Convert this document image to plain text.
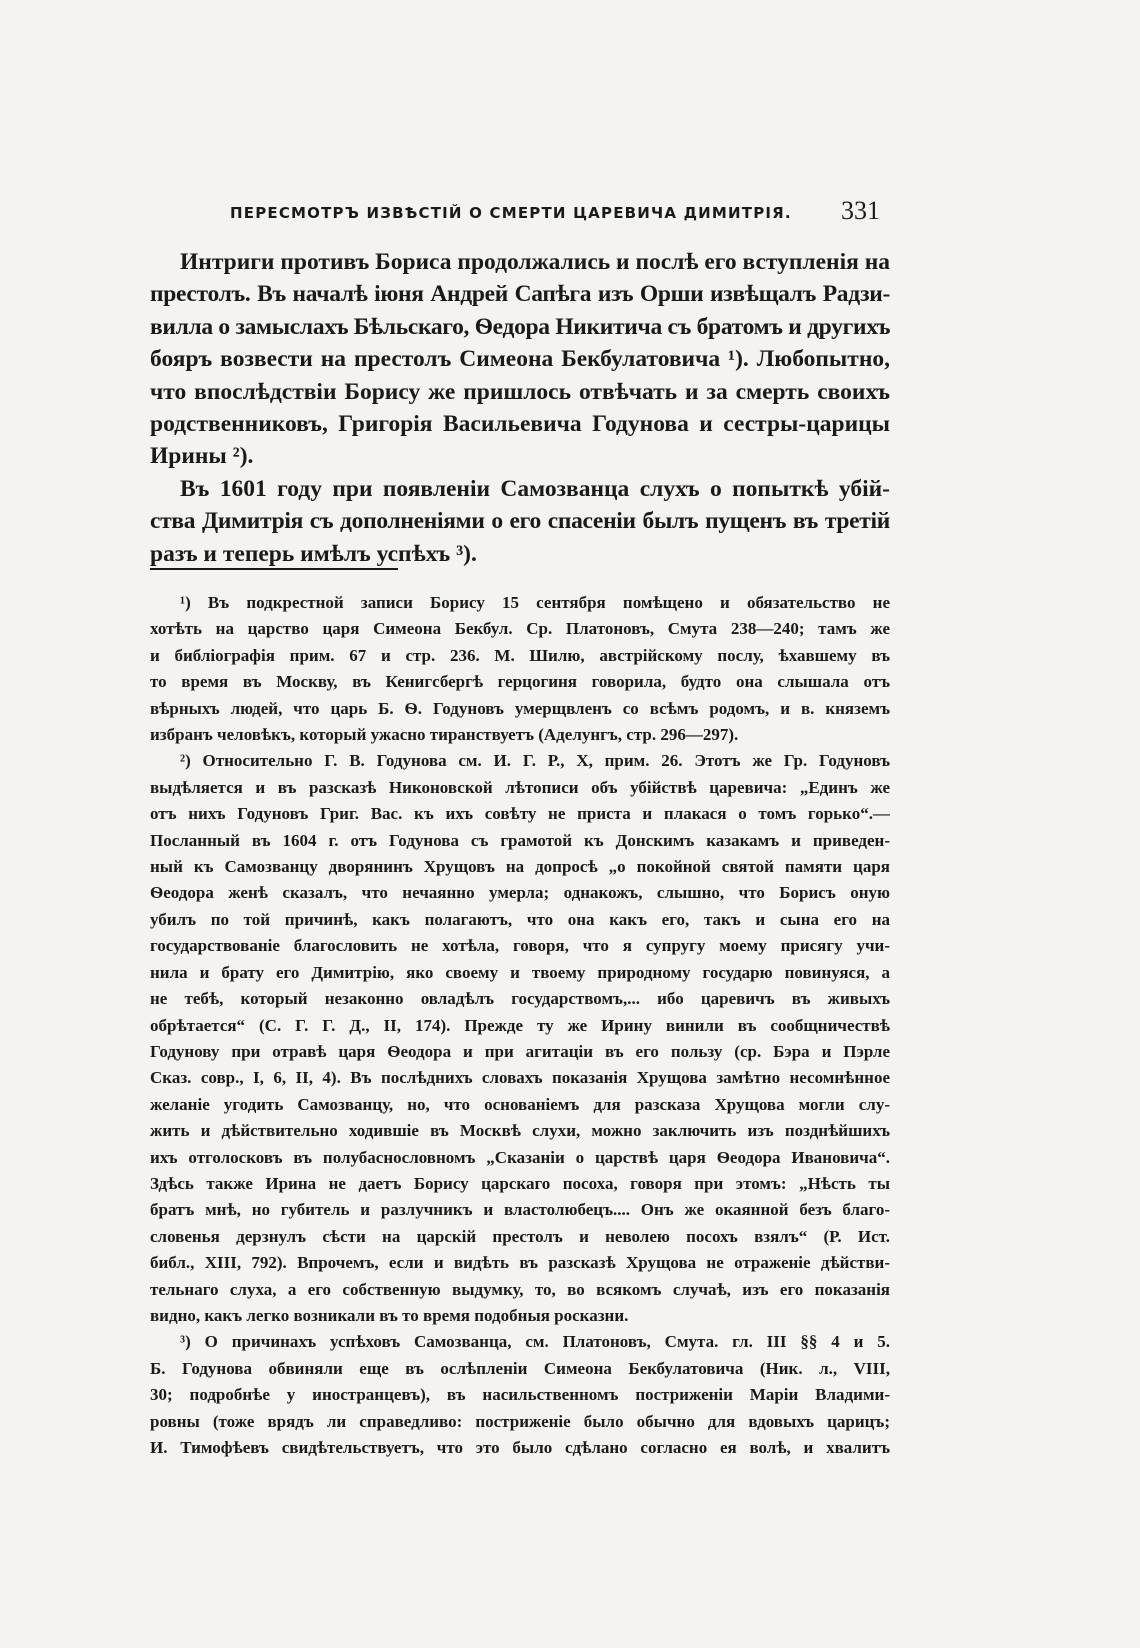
ПЕРЕСМОТРЪ ИЗВѢСТІЙ О СМЕРТИ ЦАРЕВИЧА ДИМИТРІЯ. 331
Интриги противъ Бориса продолжались и послѣ его вступленія на
престолъ. Въ началѣ іюня Андрей Сапѣга изъ Орши извѣщалъ Радзи-
вилла о замыслахъ Бѣльскаго, Ѳедора Никитича съ братомъ и другихъ
бояръ возвести на престолъ Симеона Бекбулатовича ¹). Любопытно,
что впослѣдствіи Борису же пришлось отвѣчать и за смерть своихъ
родственниковъ, Григорія Васильевича Годунова и сестры-царицы
Ирины ²).
Въ 1601 году при появленіи Самозванца слухъ о попыткѣ убій-
ства Димитрія съ дополненіями о его спасеніи былъ пущенъ въ третій
разъ и теперь имѣлъ успѣхъ ³).
¹) Въ подкрестной записи Борису 15 сентября помѣщено и обязательство не
хотѣть на царство царя Симеона Бекбул. Ср. Платоновъ, Смута 238—240; тамъ же
и библіографія прим. 67 и стр. 236. М. Шилю, австрійскому послу, ѣхавшему въ
то время въ Москву, въ Кенигсбергѣ герцогиня говорила, будто она слышала отъ
вѣрныхъ людей, что царь Б. Ѳ. Годуновъ умерщвленъ со всѣмъ родомъ, и в. княземъ
избранъ человѣкъ, который ужасно тиранствуетъ (Аделунгъ, стр. 296—297).
²) Относительно Г. В. Годунова см. И. Г. Р., X, прим. 26. Этотъ же Гр. Годуновъ
выдѣляется и въ разсказѣ Никоновской лѣтописи объ убійствѣ царевича: „Единъ же
отъ нихъ Годуновъ Григ. Вас. къ ихъ совѣту не приста и плакася о томъ горько“.—
Посланный въ 1604 г. отъ Годунова съ грамотой къ Донскимъ казакамъ и приведен-
ный къ Самозванцу дворянинъ Хрущовъ на допросѣ „о покойной святой памяти царя
Ѳеодора женѣ сказалъ, что нечаянно умерла; однакожъ, слышно, что Борисъ оную
убилъ по той причинѣ, какъ полагаютъ, что она какъ его, такъ и сына его на
государствованіе благословить не хотѣла, говоря, что я супругу моему присягу учи-
нила и брату его Димитрію, яко своему и твоему природному государю повинуяся, а
не тебѣ, который незаконно овладѣлъ государствомъ,... ибо царевичъ въ живыхъ
обрѣтается“ (С. Г. Г. Д., II, 174). Прежде ту же Ирину винили въ сообщничествѣ
Годунову при отравѣ царя Ѳеодора и при агитаціи въ его пользу (ср. Бэра и Пэрле
Сказ. совр., I, 6, II, 4). Въ послѣднихъ словахъ показанія Хрущова замѣтно несомнѣнное
желаніе угодить Самозванцу, но, что основаніемъ для разсказа Хрущова могли слу-
жить и дѣйствительно ходившіе въ Москвѣ слухи, можно заключить изъ позднѣйшихъ
ихъ отголосковъ въ полубаснословномъ „Сказаніи о царствѣ царя Ѳеодора Ивановича“.
Здѣсь также Ирина не даетъ Борису царскаго посоха, говоря при этомъ: „Нѣсть ты
братъ мнѣ, но губитель и разлучникъ и властолюбецъ.... Онъ же окаянной безъ благо-
словенья дерзнулъ сѣсти на царскій престолъ и неволею посохъ взялъ“ (Р. Ист.
библ., XIII, 792). Впрочемъ, если и видѣть въ разсказѣ Хрущова не отраженіе дѣйстви-
тельнаго слуха, а его собственную выдумку, то, во всякомъ случаѣ, изъ его показанія
видно, какъ легко возникали въ то время подобныя росказни.
³) О причинахъ успѣховъ Самозванца, см. Платоновъ, Смута. гл. III §§ 4 и 5.
Б. Годунова обвиняли еще въ ослѣпленіи Симеона Бекбулатовича (Ник. л., VIII,
30; подробнѣе у иностранцевъ), въ насильственномъ постриженіи Маріи Владими-
ровны (тоже врядъ ли справедливо: постриженіе было обычно для вдовыхъ царицъ;
И. Тимофѣевъ свидѣтельствуетъ, что это было сдѣлано согласно ея волѣ, и хвалитъ
